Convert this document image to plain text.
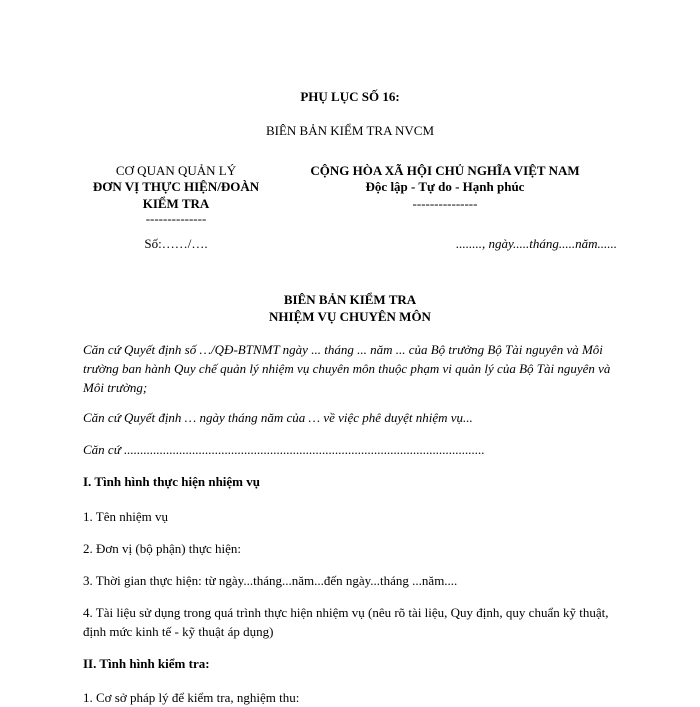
PHỤ LỤC SỐ 16:
BIÊN BẢN KIỂM TRA NVCM
CƠ QUAN QUẢN LÝ
ĐƠN VỊ THỰC HIỆN/ĐOÀN
KIỂM TRA
--------------
Số:……/….
CỘNG HÒA XÃ HỘI CHỦ NGHĨA VIỆT NAM
Độc lập - Tự do - Hạnh phúc
---------------
........, ngày.....tháng.....năm......
BIÊN BẢN KIỂM TRA
NHIỆM VỤ CHUYÊN MÔN
Căn cứ Quyết định số …/QĐ-BTNMT ngày ... tháng ... năm ... của Bộ trưởng Bộ Tài nguyên và Môi trường ban hành Quy chế quản lý nhiệm vụ chuyên môn thuộc phạm vi quản lý của Bộ Tài nguyên và Môi trường;
Căn cứ Quyết định … ngày tháng năm của … về việc phê duyệt nhiệm vụ...
Căn cứ ...............................................................................................................
I. Tình hình thực hiện nhiệm vụ
1. Tên nhiệm vụ
2. Đơn vị (bộ phận) thực hiện:
3. Thời gian thực hiện: từ ngày...tháng...năm...đến ngày...tháng ...năm....
4. Tài liệu sử dụng trong quá trình thực hiện nhiệm vụ (nêu rõ tài liệu, Quy định, quy chuẩn kỹ thuật, định mức kinh tế - kỹ thuật áp dụng)
II. Tình hình kiểm tra:
1. Cơ sở pháp lý để kiểm tra, nghiệm thu:
